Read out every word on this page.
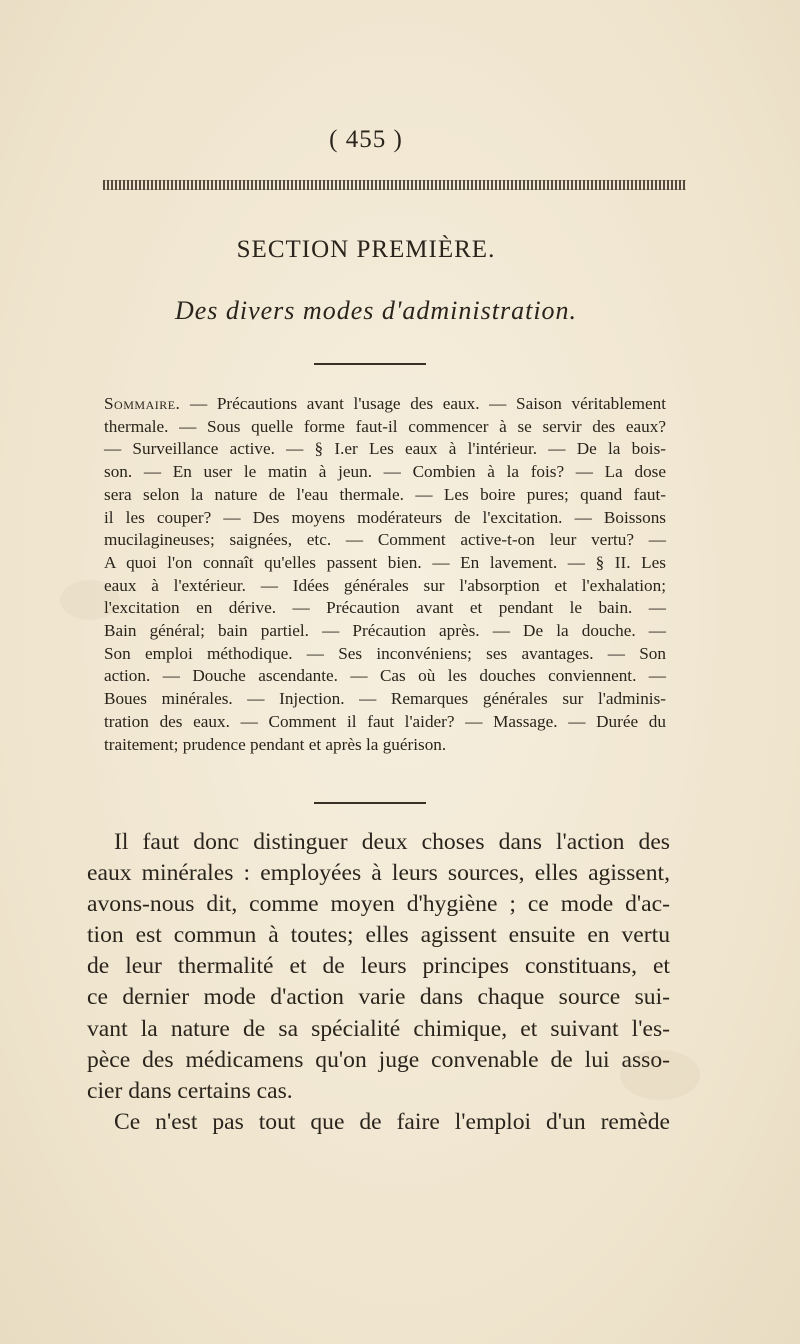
( 455 )
SECTION PREMIÈRE.
Des divers modes d'administration.
Sommaire. — Précautions avant l'usage des eaux. — Saison véritablement
thermale. — Sous quelle forme faut-il commencer à se servir des eaux?
— Surveillance active. — § I.er Les eaux à l'intérieur. — De la bois-
son. — En user le matin à jeun. — Combien à la fois? — La dose
sera selon la nature de l'eau thermale. — Les boire pures; quand faut-
il les couper? — Des moyens modérateurs de l'excitation. — Boissons
mucilagineuses; saignées, etc. — Comment active-t-on leur vertu? —
A quoi l'on connaît qu'elles passent bien. — En lavement. — § II. Les
eaux à l'extérieur. — Idées générales sur l'absorption et l'exhalation;
l'excitation en dérive. — Précaution avant et pendant le bain. —
Bain général; bain partiel. — Précaution après. — De la douche. —
Son emploi méthodique. — Ses inconvéniens; ses avantages. — Son
action. — Douche ascendante. — Cas où les douches conviennent. —
Boues minérales. — Injection. — Remarques générales sur l'adminis-
tration des eaux. — Comment il faut l'aider? — Massage. — Durée du
traitement; prudence pendant et après la guérison.
Il faut donc distinguer deux choses dans l'action des
eaux minérales : employées à leurs sources, elles agissent,
avons-nous dit, comme moyen d'hygiène ; ce mode d'ac-
tion est commun à toutes; elles agissent ensuite en vertu
de leur thermalité et de leurs principes constituans, et
ce dernier mode d'action varie dans chaque source sui-
vant la nature de sa spécialité chimique, et suivant l'es-
pèce des médicamens qu'on juge convenable de lui asso-
cier dans certains cas.
Ce n'est pas tout que de faire l'emploi d'un remède
